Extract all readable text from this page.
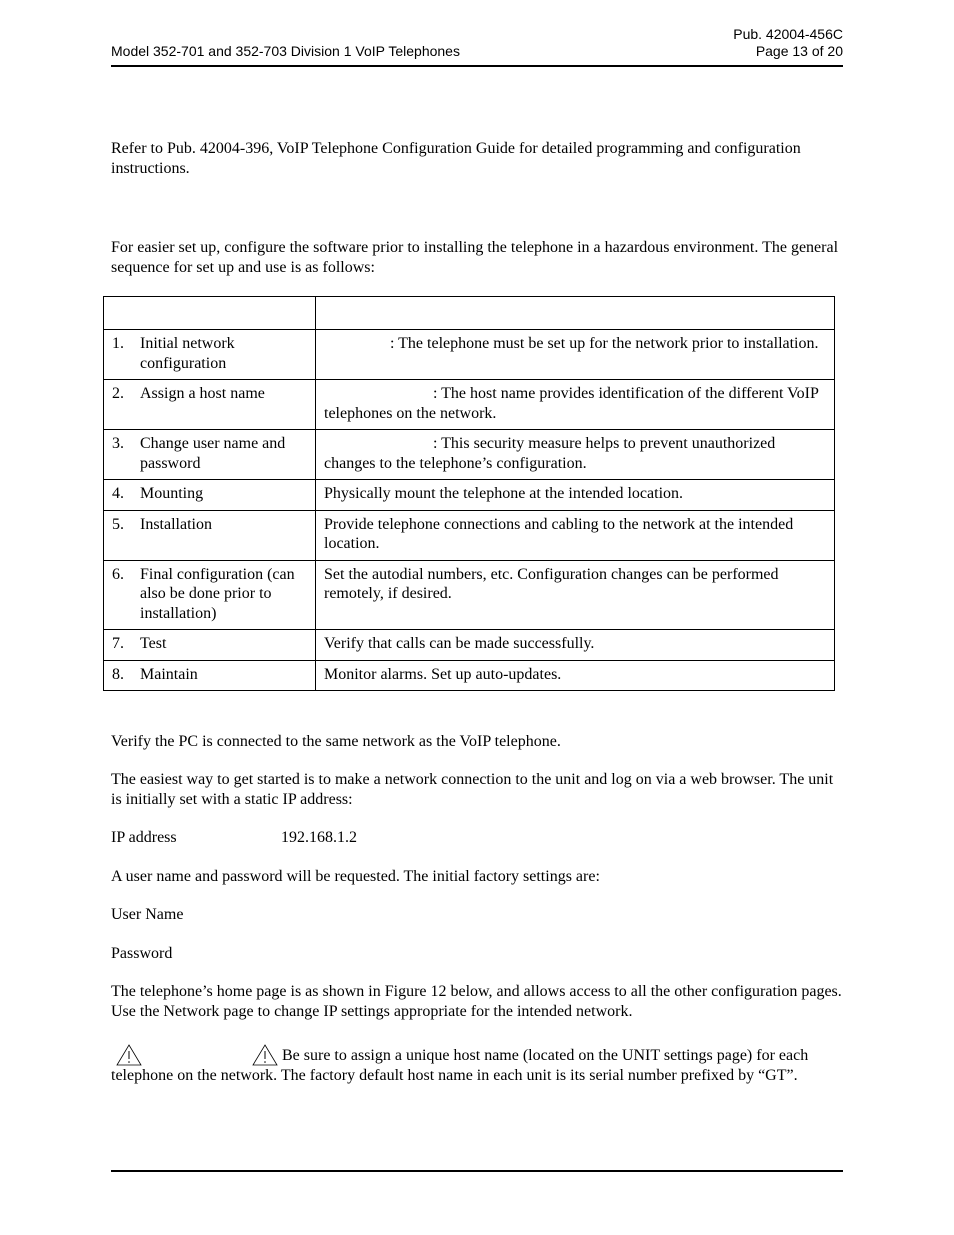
Pub. 42004-456C
Model 352-701 and 352-703 Division 1 VoIP Telephones	Page 13 of 20

Refer to Pub. 42004-396, VoIP Telephone Configuration Guide for detailed programming and configuration instructions.

For easier set up, configure the software prior to installing the telephone in a hazardous environment. The general sequence for set up and use is as follows:

1. Initial network configuration	: The telephone must be set up for the network prior to installation.

2. Assign a host name	: The host name provides identification of the different VoIP telephones on the network.

3. Change user name and password	: This security measure helps to prevent unauthorized changes to the telephone’s configuration.

4. Mounting	Physically mount the telephone at the intended location.

5. Installation	Provide telephone connections and cabling to the network at the intended location.

6. Final configuration (can also be done prior to installation)	Set the autodial numbers, etc. Configuration changes can be performed remotely, if desired.

7. Test	Verify that calls can be made successfully.

8. Maintain	Monitor alarms. Set up auto-updates.

Verify the PC is connected to the same network as the VoIP telephone.

The easiest way to get started is to make a network connection to the unit and log on via a web browser. The unit is initially set with a static IP address:

IP address	192.168.1.2

A user name and password will be requested. The initial factory settings are:

User Name

Password

The telephone’s home page is as shown in Figure 12 below, and allows access to all the other configuration pages. Use the Network page to change IP settings appropriate for the intended network.

Be sure to assign a unique host name (located on the UNIT settings page) for each telephone on the network. The factory default host name in each unit is its serial number prefixed by “GT”.
